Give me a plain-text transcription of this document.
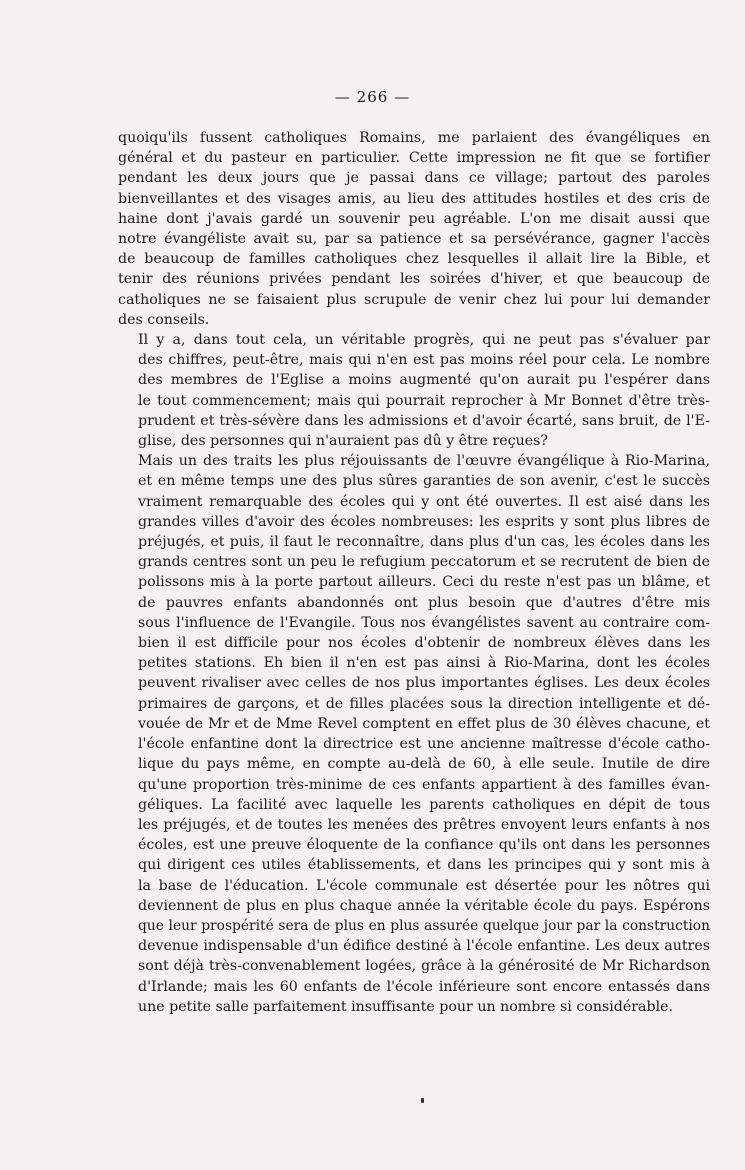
— 266 —

quoiqu'ils fussent catholiques Romains, me parlaient des évangéliques en
général et du pasteur en particulier. Cette impression ne fit que se fortifier
pendant les deux jours que je passai dans ce village; partout des paroles
bienveillantes et des visages amis, au lieu des attitudes hostiles et des cris de
haine dont j'avais gardé un souvenir peu agréable. L'on me disait aussi que
notre évangéliste avait su, par sa patience et sa persévérance, gagner l'accès
de beaucoup de familles catholiques chez lesquelles il allait lire la Bible, et
tenir des réunions privées pendant les soirées d'hiver, et que beaucoup de
catholiques ne se faisaient plus scrupule de venir chez lui pour lui demander
des conseils.

Il y a, dans tout cela, un véritable progrès, qui ne peut pas s'évaluer par
des chiffres, peut-être, mais qui n'en est pas moins réel pour cela. Le nombre
des membres de l'Eglise a moins augmenté qu'on aurait pu l'espérer dans
le tout commencement; mais qui pourrait reprocher à Mr Bonnet d'être très-
prudent et très-sévère dans les admissions et d'avoir écarté, sans bruit, de l'E-
glise, des personnes qui n'auraient pas dû y être reçues?

Mais un des traits les plus réjouissants de l'œuvre évangélique à Rio-Marina,
et en même temps une des plus sûres garanties de son avenir, c'est le succès
vraiment remarquable des écoles qui y ont été ouvertes. Il est aisé dans les
grandes villes d'avoir des écoles nombreuses: les esprits y sont plus libres de
préjugés, et puis, il faut le reconnaître, dans plus d'un cas, les écoles dans les
grands centres sont un peu le refugium peccatorum et se recrutent de bien de
polissons mis à la porte partout ailleurs. Ceci du reste n'est pas un blâme, et
de pauvres enfants abandonnés ont plus besoin que d'autres d'être mis
sous l'influence de l'Evangile. Tous nos évangélistes savent au contraire com-
bien il est difficile pour nos écoles d'obtenir de nombreux élèves dans les
petites stations. Eh bien il n'en est pas ainsi à Rio-Marina, dont les écoles
peuvent rivaliser avec celles de nos plus importantes églises. Les deux écoles
primaires de garçons, et de filles placées sous la direction intelligente et dé-
vouée de Mr et de Mme Revel comptent en effet plus de 30 élèves chacune, et
l'école enfantine dont la directrice est une ancienne maîtresse d'école catho-
lique du pays même, en compte au-delà de 60, à elle seule. Inutile de dire
qu'une proportion très-minime de ces enfants appartient à des familles évan-
géliques. La facilité avec laquelle les parents catholiques en dépit de tous
les préjugés, et de toutes les menées des prêtres envoyent leurs enfants à nos
écoles, est une preuve éloquente de la confiance qu'ils ont dans les personnes
qui dirigent ces utiles établissements, et dans les principes qui y sont mis à
la base de l'éducation. L'école communale est désertée pour les nôtres qui
deviennent de plus en plus chaque année la véritable école du pays. Espérons
que leur prospérité sera de plus en plus assurée quelque jour par la construction
devenue indispensable d'un édifice destiné à l'école enfantine. Les deux autres
sont déjà très-convenablement logées, grâce à la générosité de Mr Richardson
d'Irlande; mais les 60 enfants de l'école inférieure sont encore entassés dans
une petite salle parfaitement insuffisante pour un nombre si considérable.
